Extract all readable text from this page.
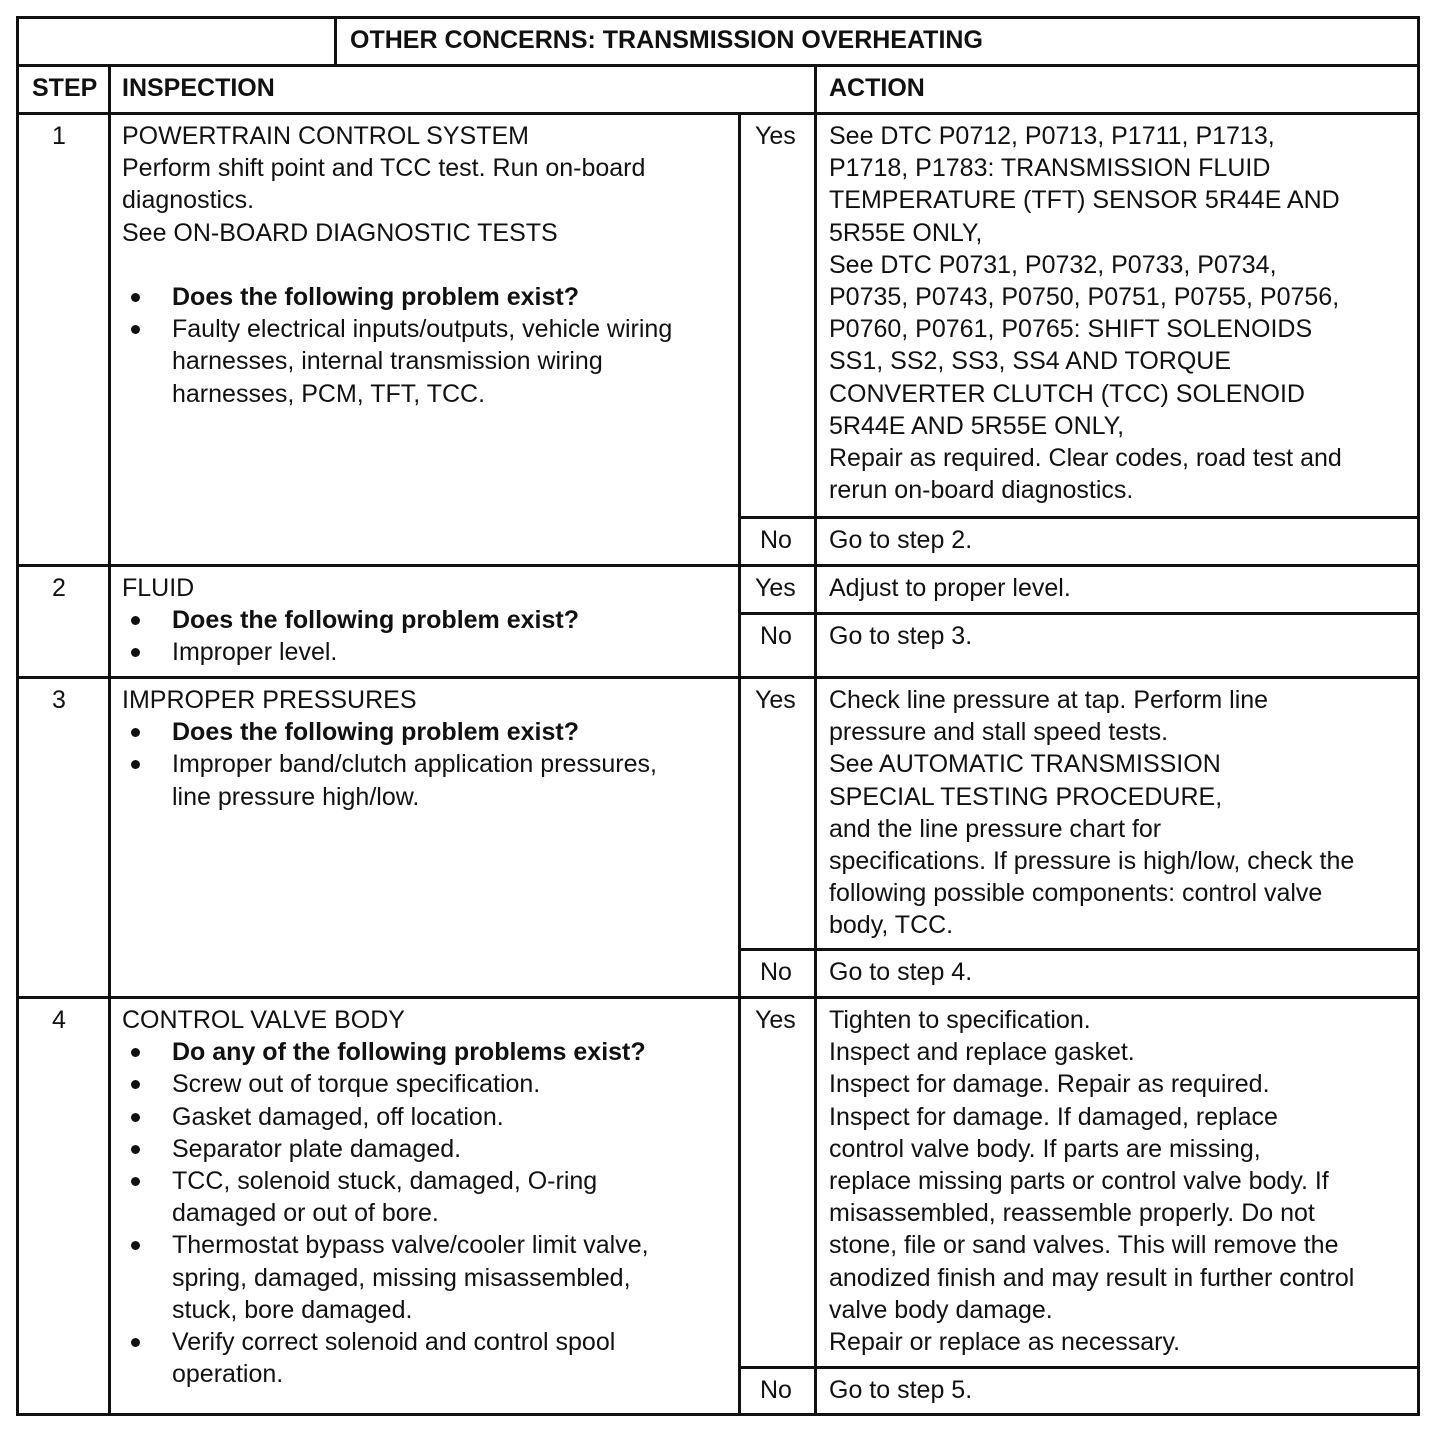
OTHER CONCERNS: TRANSMISSION OVERHEATING
STEP INSPECTION	ACTION
1 POWERTRAIN CONTROL SYSTEM
Perform shift point and TCC test. Run on-board
diagnostics.
See ON-BOARD DIAGNOSTIC TESTS
Does the following problem exist?
Faulty electrical inputs/outputs, vehicle wiring
harnesses, internal transmission wiring
harnesses, PCM, TFT, TCC.
Yes
No
See DTC P0712, P0713, P1711, P1713,
P1718, P1783: TRANSMISSION FLUID
TEMPERATURE (TFT) SENSOR 5R44E AND
5R55E ONLY,
See DTC P0731, P0732, P0733, P0734,
P0735, P0743, P0750, P0751, P0755, P0756,
P0760, P0761, P0765: SHIFT SOLENOIDS
SS1, SS2, SS3, SS4 AND TORQUE
CONVERTER CLUTCH (TCC) SOLENOID
5R44E AND 5R55E ONLY,
Repair as required. Clear codes, road test and
rerun on-board diagnostics.
Go to step 2.
2 FLUID
Does the following problem exist?
Improper level.
Yes
No
Adjust to proper level.
Go to step 3.
3 IMPROPER PRESSURES
Does the following problem exist?
Improper band/clutch application pressures,
line pressure high/low.
Yes
No
Check line pressure at tap. Perform line
pressure and stall speed tests.
See AUTOMATIC TRANSMISSION
SPECIAL TESTING PROCEDURE,
and the line pressure chart for
specifications. If pressure is high/low, check the
following possible components: control valve
body, TCC.
Go to step 4.
4 CONTROL VALVE BODY
Do any of the following problems exist?
Screw out of torque specification.
Gasket damaged, off location.
Separator plate damaged.
TCC, solenoid stuck, damaged, O-ring
damaged or out of bore.
Thermostat bypass valve/cooler limit valve,
spring, damaged, missing misassembled,
stuck, bore damaged.
Verify correct solenoid and control spool
operation.
Yes
No
Tighten to specification.
Inspect and replace gasket.
Inspect for damage. Repair as required.
Inspect for damage. If damaged, replace
control valve body. If parts are missing,
replace missing parts or control valve body. If
misassembled, reassemble properly. Do not
stone, file or sand valves. This will remove the
anodized finish and may result in further control
valve body damage.
Repair or replace as necessary.
Go to step 5.
